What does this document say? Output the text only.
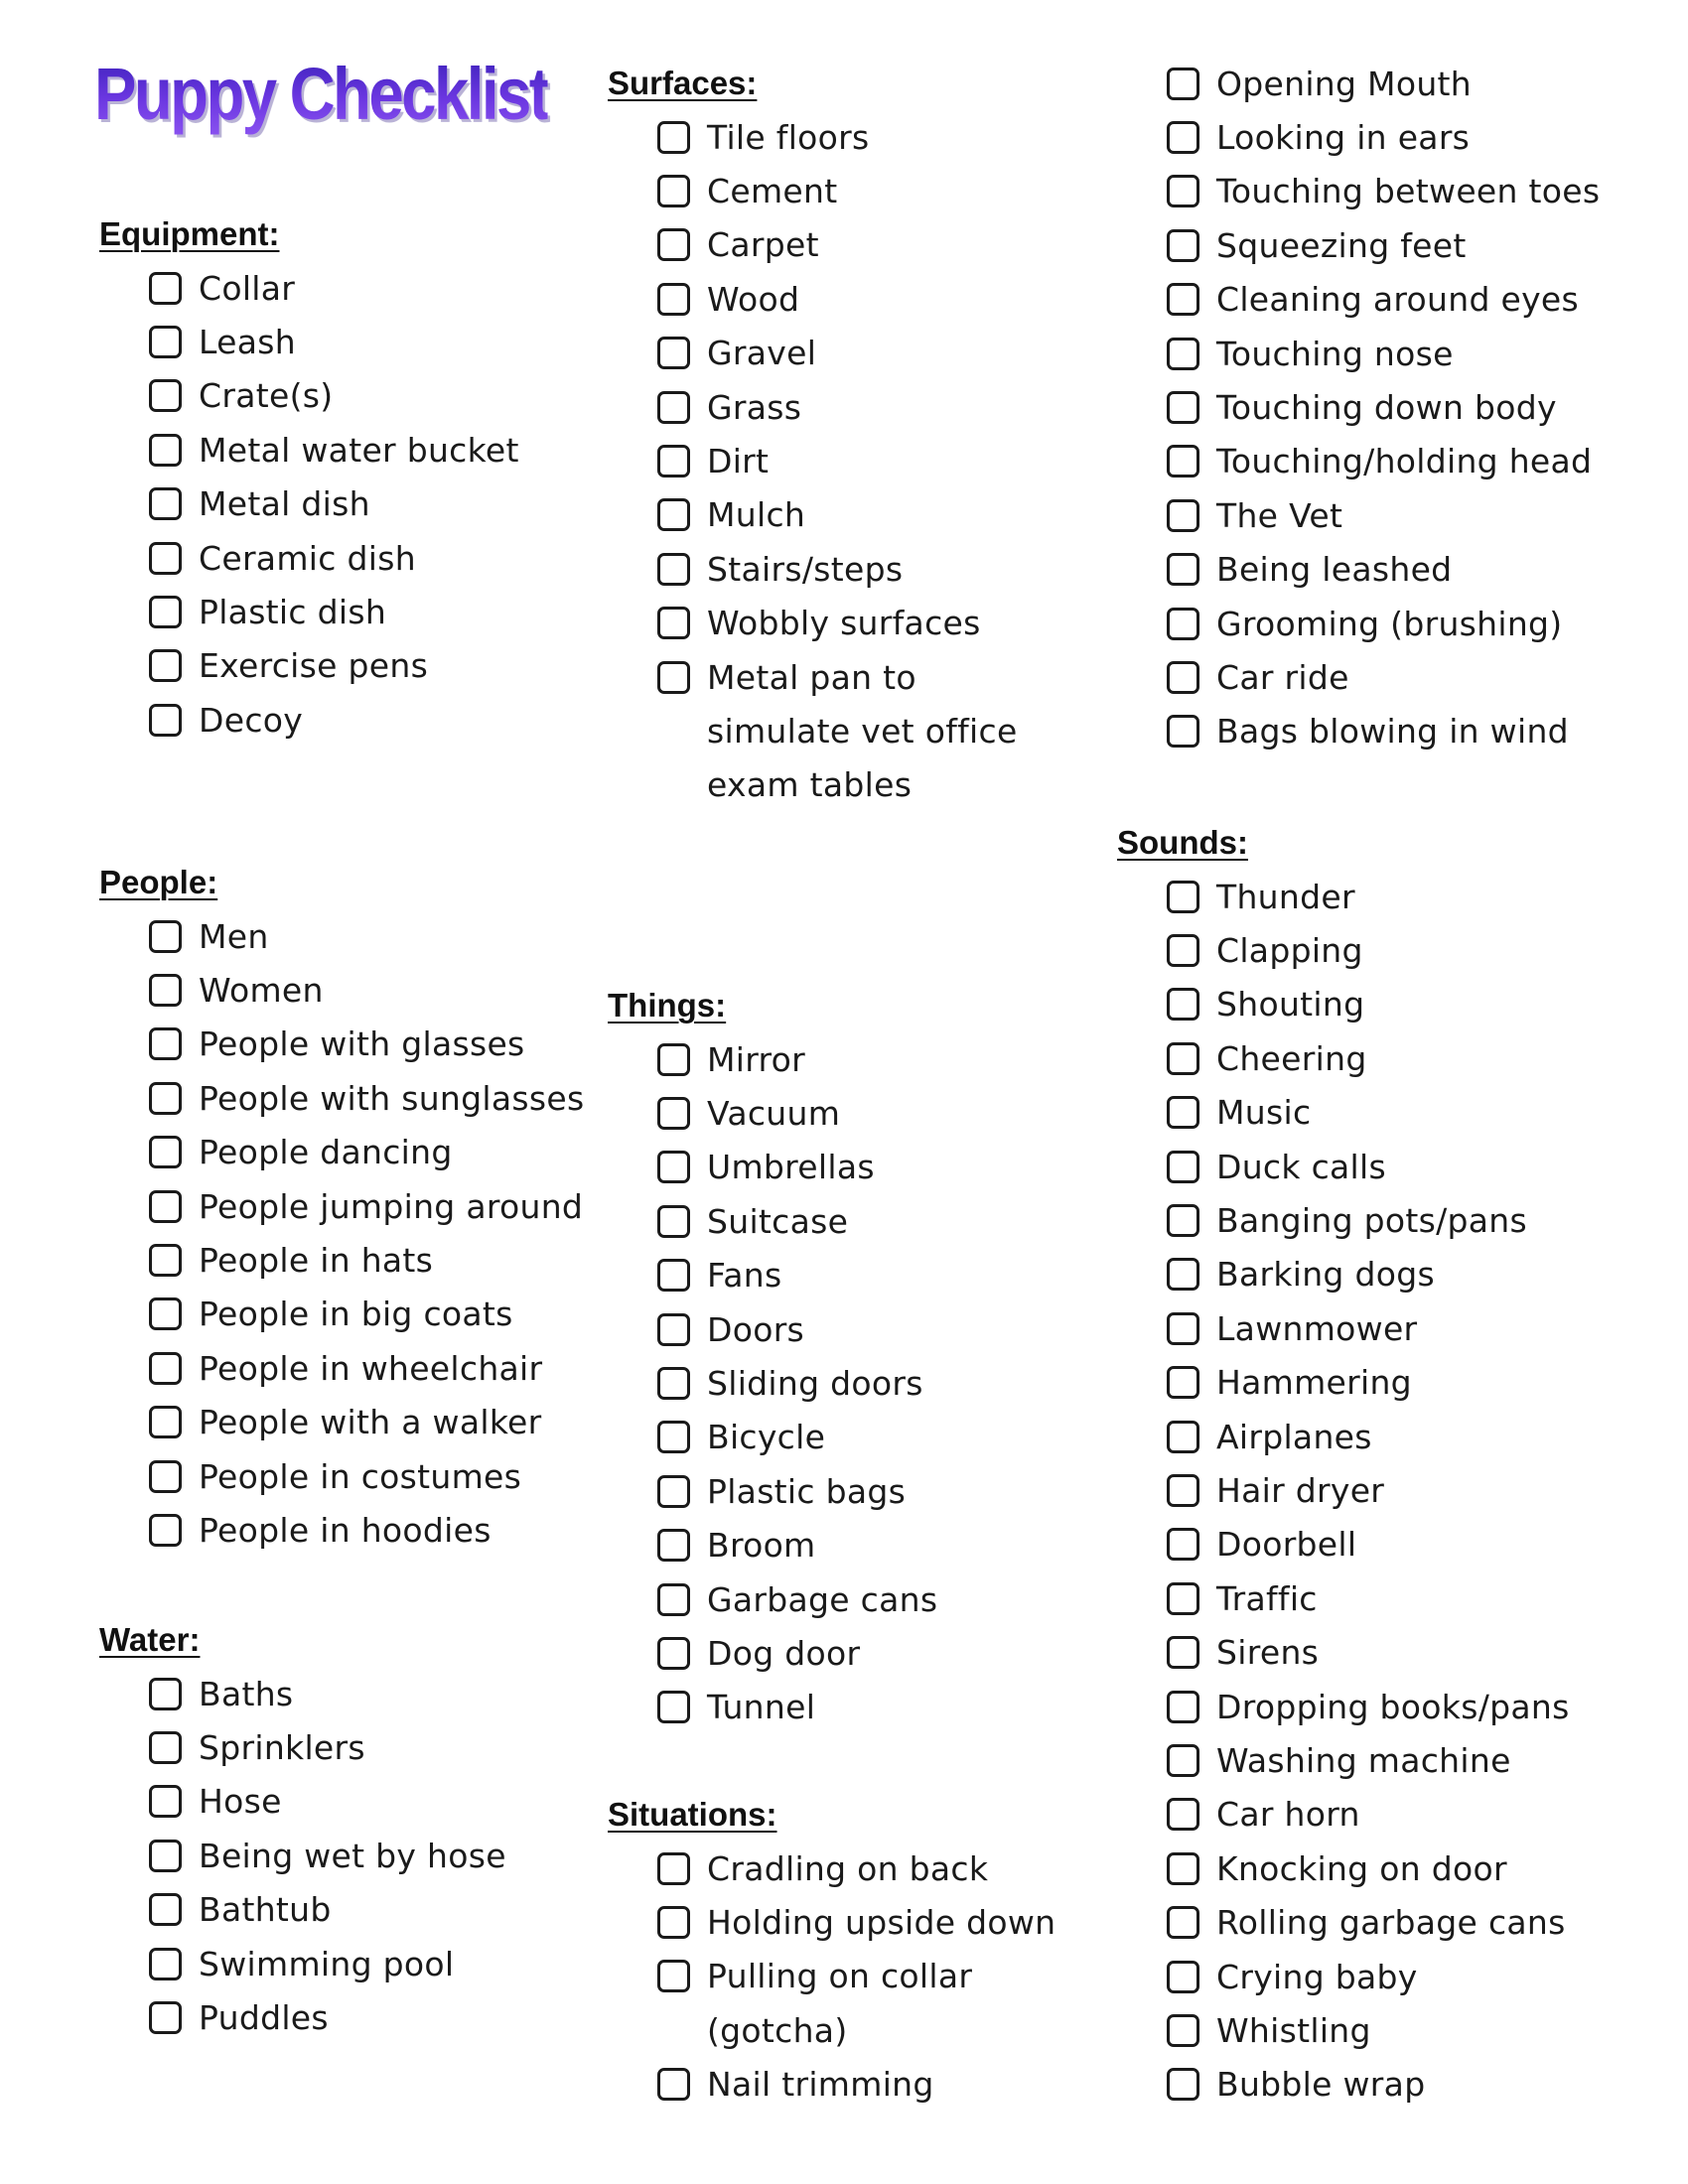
Puppy Checklist
Equipment:
Collar
Leash
Crate(s)
Metal water bucket
Metal dish
Ceramic dish
Plastic dish
Exercise pens
Decoy
People:
Men
Women
People with glasses
People with sunglasses
People dancing
People jumping around
People in hats
People in big coats
People in wheelchair
People with a walker
People in costumes
People in hoodies
Water:
Baths
Sprinklers
Hose
Being wet by hose
Bathtub
Swimming pool
Puddles
Surfaces:
Tile floors
Cement
Carpet
Wood
Gravel
Grass
Dirt
Mulch
Stairs/steps
Wobbly surfaces
Metal pan to
simulate vet office
exam tables
Things:
Mirror
Vacuum
Umbrellas
Suitcase
Fans
Doors
Sliding doors
Bicycle
Plastic bags
Broom
Garbage cans
Dog door
Tunnel
Situations:
Cradling on back
Holding upside down
Pulling on collar
(gotcha)
Nail trimming
Opening Mouth
Looking in ears
Touching between toes
Squeezing feet
Cleaning around eyes
Touching nose
Touching down body
Touching/holding head
The Vet
Being leashed
Grooming (brushing)
Car ride
Bags blowing in wind
Sounds:
Thunder
Clapping
Shouting
Cheering
Music
Duck calls
Banging pots/pans
Barking dogs
Lawnmower
Hammering
Airplanes
Hair dryer
Doorbell
Traffic
Sirens
Dropping books/pans
Washing machine
Car horn
Knocking on door
Rolling garbage cans
Crying baby
Whistling
Bubble wrap
